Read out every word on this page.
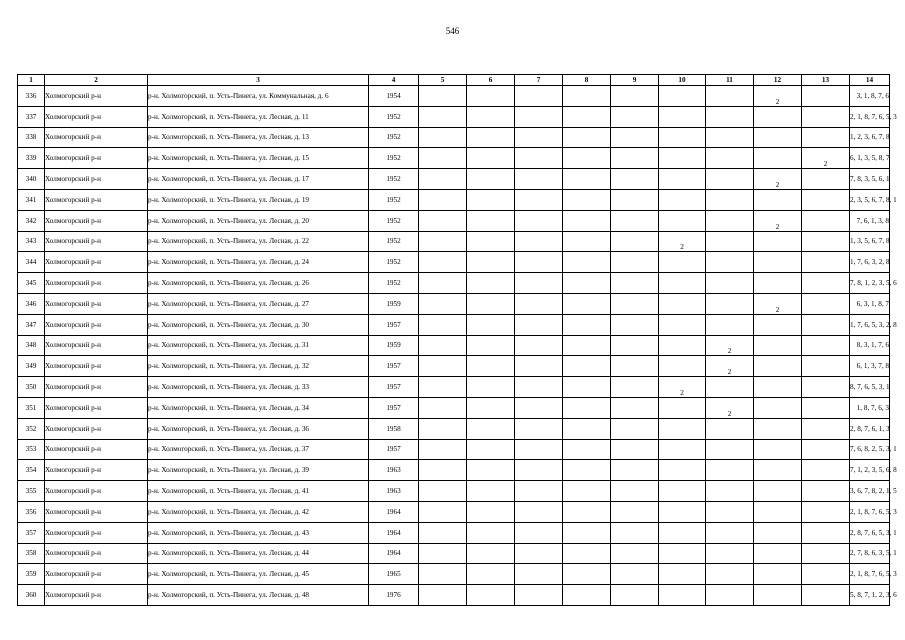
546
1	2	3	4	5	6	7	8	9	10	11	12	13	14
336	Холмогорский р-н	р-н. Холмогорский, п. Усть-Пинега, ул. Коммунальная, д. 6	1954								2		3, 1, 8, 7, 6
337	Холмогорский р-н	р-н. Холмогорский, п. Усть-Пинега, ул. Лесная, д. 11	1952										2, 1, 8, 7, 6, 5, 3
338	Холмогорский р-н	р-н. Холмогорский, п. Усть-Пинега, ул. Лесная, д. 13	1952										1, 2, 3, 6, 7, 8
339	Холмогорский р-н	р-н. Холмогорский, п. Усть-Пинега, ул. Лесная, д. 15	1952									2	6, 1, 3, 5, 8, 7
340	Холмогорский р-н	р-н. Холмогорский, п. Усть-Пинега, ул. Лесная, д. 17	1952								2		7, 8, 3, 5, 6, 1
341	Холмогорский р-н	р-н. Холмогорский, п. Усть-Пинега, ул. Лесная, д. 19	1952										2, 3, 5, 6, 7, 8, 1
342	Холмогорский р-н	р-н. Холмогорский, п. Усть-Пинега, ул. Лесная, д. 20	1952								2		7, 6, 1, 3, 8
343	Холмогорский р-н	р-н. Холмогорский, п. Усть-Пинега, ул. Лесная, д. 22	1952						2				1, 3, 5, 6, 7, 8
344	Холмогорский р-н	р-н. Холмогорский, п. Усть-Пинега, ул. Лесная, д. 24	1952										1, 7, 6, 3, 2, 8
345	Холмогорский р-н	р-н. Холмогорский, п. Усть-Пинега, ул. Лесная, д. 26	1952										7, 8, 1, 2, 3, 5, 6
346	Холмогорский р-н	р-н. Холмогорский, п. Усть-Пинега, ул. Лесная, д. 27	1959								2		6, 3, 1, 8, 7
347	Холмогорский р-н	р-н. Холмогорский, п. Усть-Пинега, ул. Лесная, д. 30	1957										1, 7, 6, 5, 3, 2, 8
348	Холмогорский р-н	р-н. Холмогорский, п. Усть-Пинега, ул. Лесная, д. 31	1959							2			8, 3, 1, 7, 6
349	Холмогорский р-н	р-н. Холмогорский, п. Усть-Пинега, ул. Лесная, д. 32	1957							2			6, 1, 3, 7, 8
350	Холмогорский р-н	р-н. Холмогорский, п. Усть-Пинега, ул. Лесная, д. 33	1957						2				8, 7, 6, 5, 3, 1
351	Холмогорский р-н	р-н. Холмогорский, п. Усть-Пинега, ул. Лесная, д. 34	1957							2			1, 8, 7, 6, 3
352	Холмогорский р-н	р-н. Холмогорский, п. Усть-Пинега, ул. Лесная, д. 36	1958										2, 8, 7, 6, 1, 3
353	Холмогорский р-н	р-н. Холмогорский, п. Усть-Пинега, ул. Лесная, д. 37	1957										7, 6, 8, 2, 5, 3, 1
354	Холмогорский р-н	р-н. Холмогорский, п. Усть-Пинега, ул. Лесная, д. 39	1963										7, 1, 2, 3, 5, 6, 8
355	Холмогорский р-н	р-н. Холмогорский, п. Усть-Пинега, ул. Лесная, д. 41	1963										3, 6, 7, 8, 2, 1, 5
356	Холмогорский р-н	р-н. Холмогорский, п. Усть-Пинега, ул. Лесная, д. 42	1964										2, 1, 8, 7, 6, 5, 3
357	Холмогорский р-н	р-н. Холмогорский, п. Усть-Пинега, ул. Лесная, д. 43	1964										2, 8, 7, 6, 5, 3, 1
358	Холмогорский р-н	р-н. Холмогорский, п. Усть-Пинега, ул. Лесная, д. 44	1964										2, 7, 8, 6, 3, 5, 1
359	Холмогорский р-н	р-н. Холмогорский, п. Усть-Пинега, ул. Лесная, д. 45	1965										2, 1, 8, 7, 6, 5, 3
360	Холмогорский р-н	р-н. Холмогорский, п. Усть-Пинега, ул. Лесная, д. 48	1976										5, 8, 7, 1, 2, 3, 6
